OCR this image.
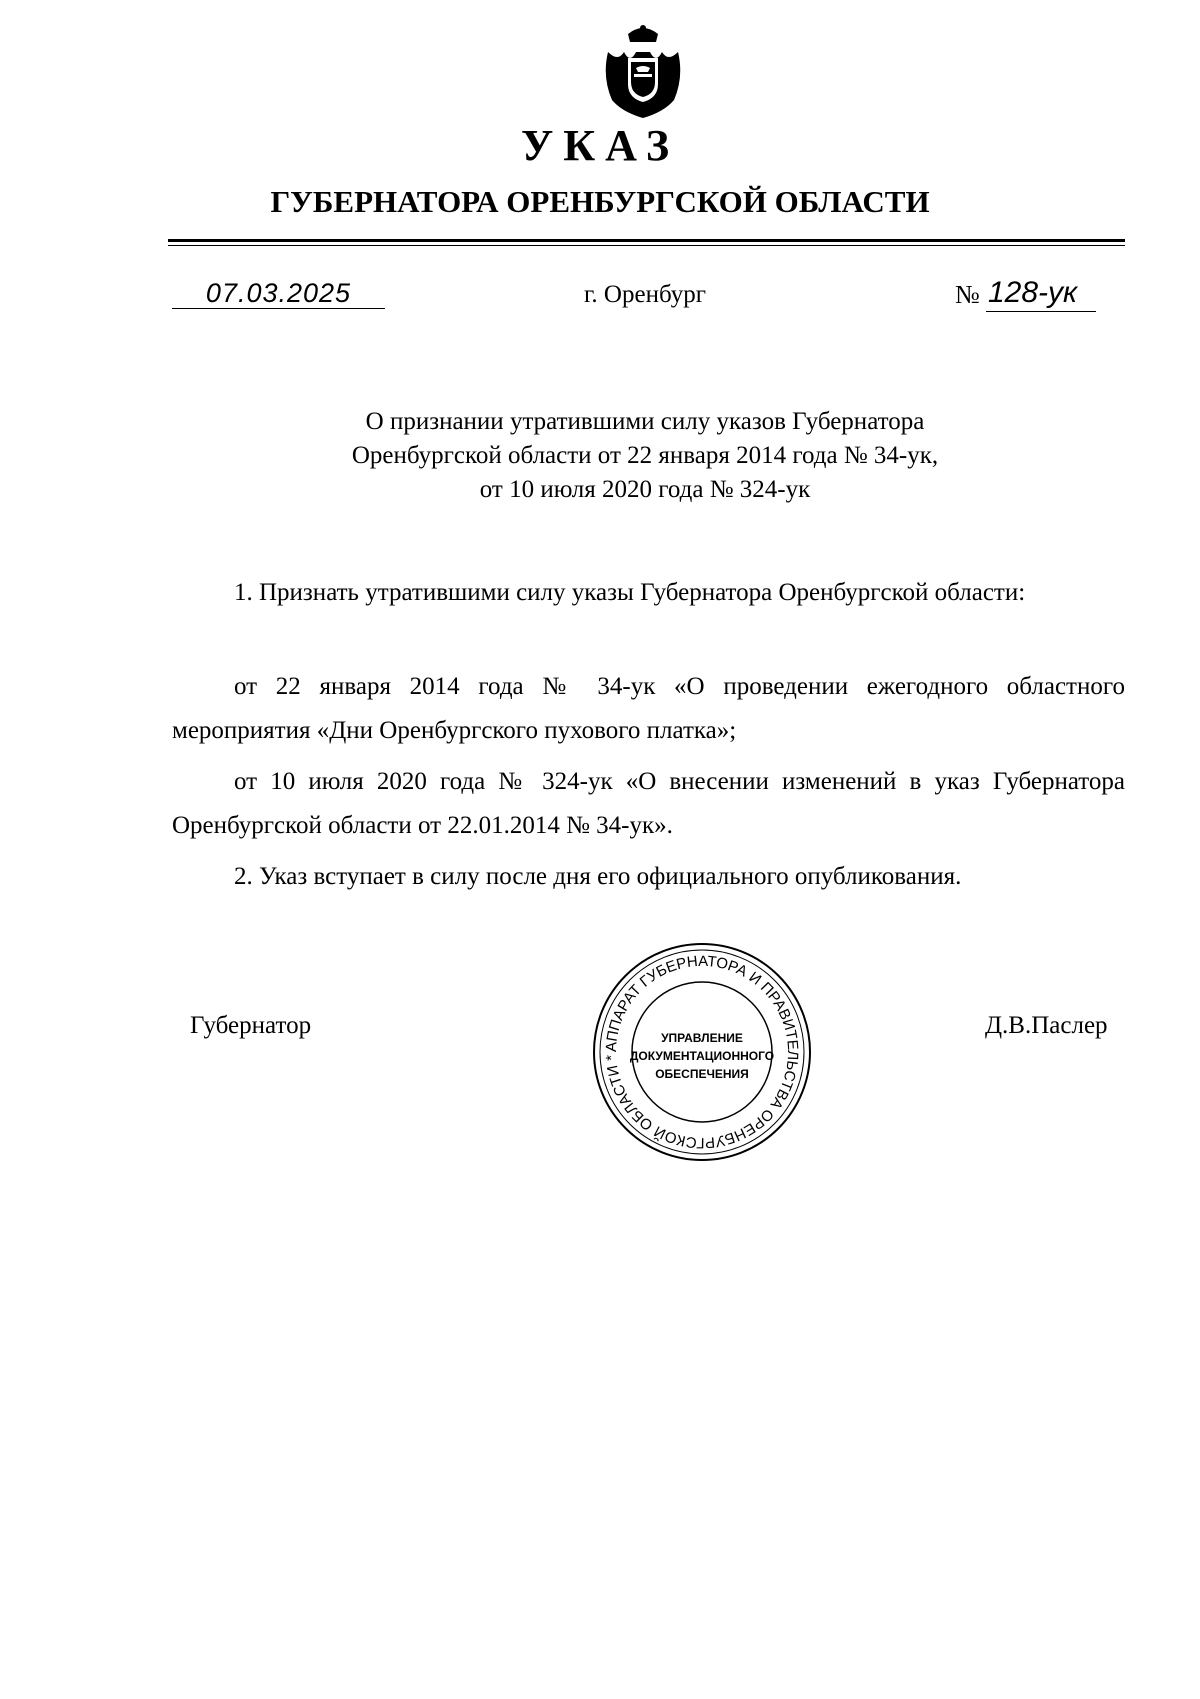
УКАЗ
ГУБЕРНАТОРА ОРЕНБУРГСКОЙ ОБЛАСТИ
07.03.2025	г. Оренбург	№ 128-ук
О признании утратившими силу указов Губернатора
Оренбургской области от 22 января 2014 года № 34-ук,
от 10 июля 2020 года № 324-ук
1. Признать утратившими силу указы Губернатора Оренбургской области:
от 22 января 2014 года № 34-ук «О проведении ежегодного областного мероприятия «Дни Оренбургского пухового платка»;
от 10 июля 2020 года № 324-ук «О внесении изменений в указ Губернатора Оренбургской области от 22.01.2014 № 34-ук».
2. Указ вступает в силу после дня его официального опубликования.
Губернатор	Д.В.Паслер
АППАРАТ ГУБЕРНАТОРА И ПРАВИТЕЛЬСТВА ОРЕНБУРГСКОЙ ОБЛАСТИ *
УПРАВЛЕНИЕ
ДОКУМЕНТАЦИОННОГО
ОБЕСПЕЧЕНИЯ
